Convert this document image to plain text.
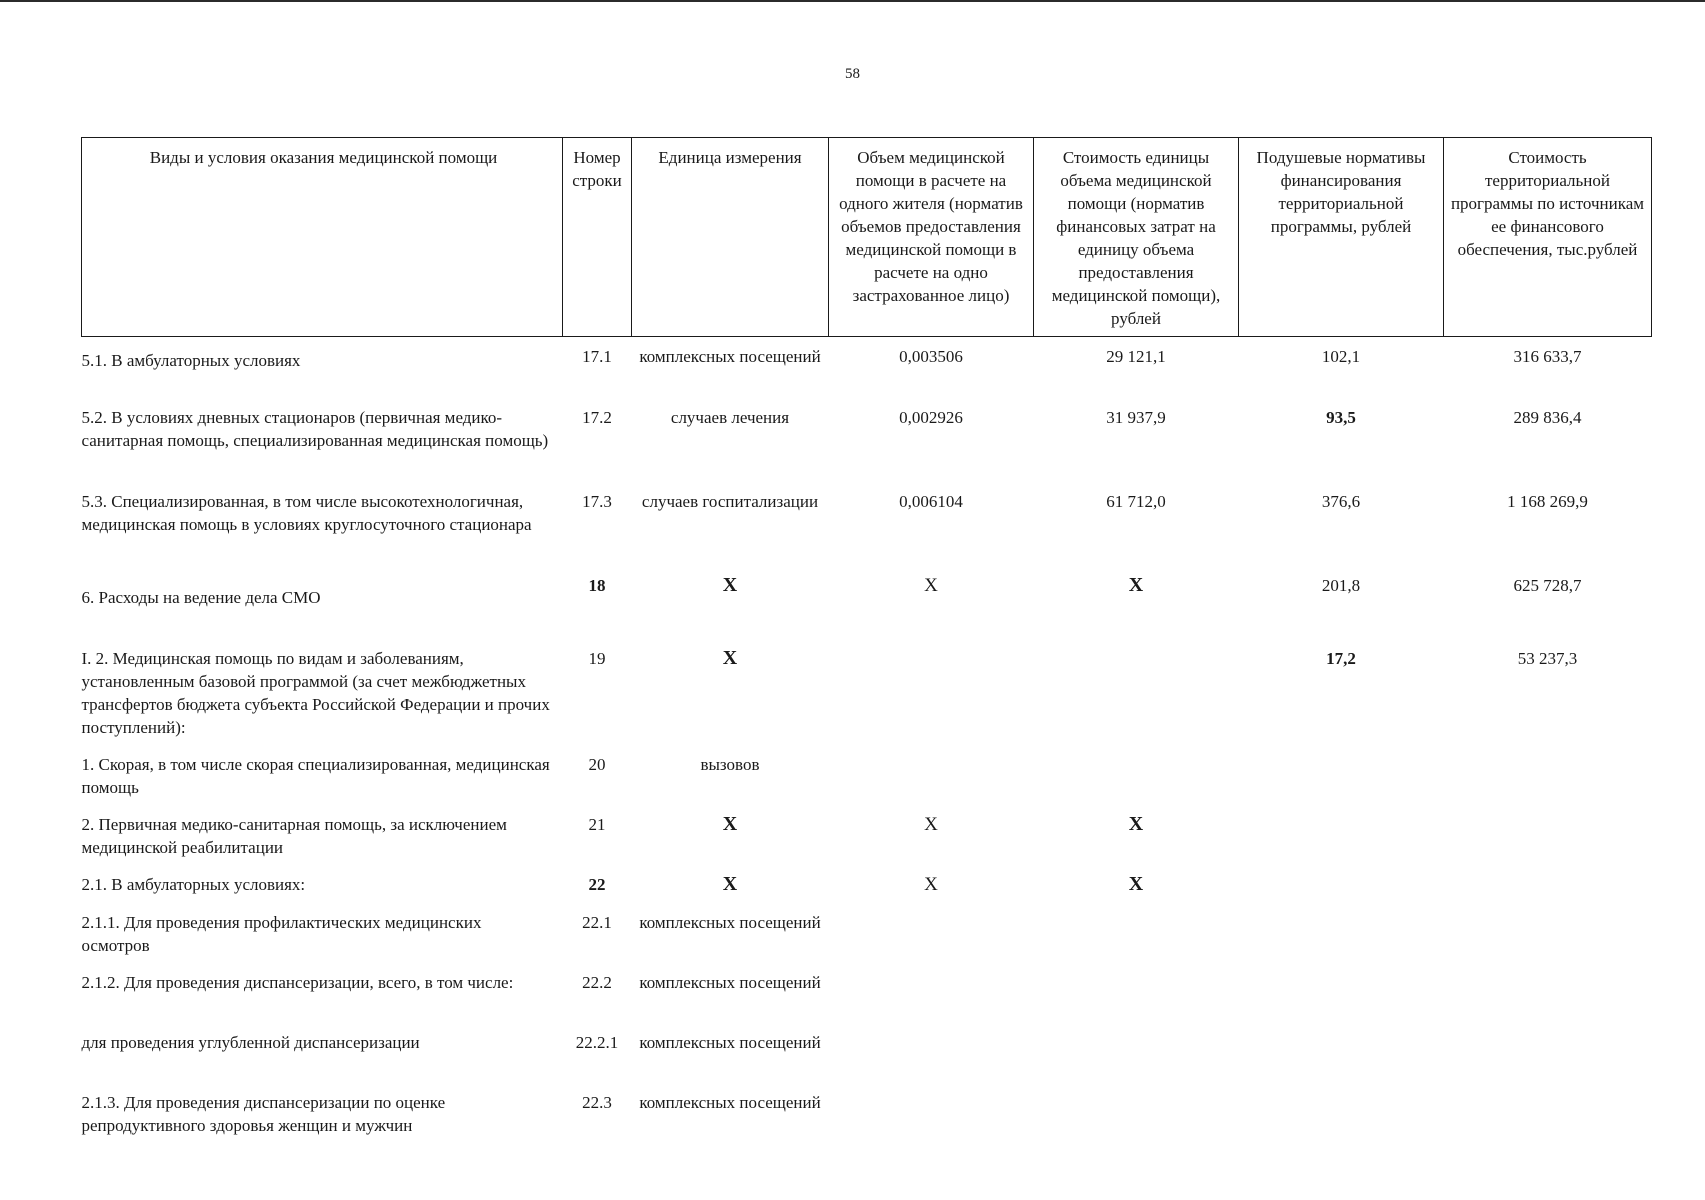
58
Виды и условия оказания медицинской помощи	Номер строки	Единица измерения	Объем медицинской помощи в расчете на одного жителя (норматив объемов предоставления медицинской помощи в расчете на одно застрахованное лицо)	Стоимость единицы объема медицинской помощи (норматив финансовых затрат на единицу объема предоставления медицинской помощи), рублей	Подушевые нормативы финансирования территориальной программы, рублей	Стоимость территориальной программы по источникам ее финансового обеспечения, тыс.рублей
5.1. В амбулаторных условиях	17.1	комплексных посещений	0,003506	29 121,1	102,1	316 633,7
5.2. В условиях дневных стационаров (первичная медико-санитарная помощь, специализированная медицинская помощь)	17.2	случаев лечения	0,002926	31 937,9	93,5	289 836,4
5.3. Специализированная, в том числе высокотехнологичная, медицинская помощь в условиях круглосуточного стационара	17.3	случаев госпитализации	0,006104	61 712,0	376,6	1 168 269,9
6. Расходы на ведение дела СМО	18	X	X	X	201,8	625 728,7
I. 2. Медицинская помощь по видам и заболеваниям, установленным базовой программой (за счет межбюджетных трансфертов бюджета субъекта Российской Федерации и прочих поступлений):	19	X			17,2	53 237,3
1. Скорая, в том числе скорая специализированная, медицинская помощь	20	вызовов				
2. Первичная медико-санитарная помощь, за исключением медицинской реабилитации	21	X	X	X		
2.1. В амбулаторных условиях:	22	X	X	X		
2.1.1. Для проведения профилактических медицинских осмотров	22.1	комплексных посещений				
2.1.2. Для проведения диспансеризации, всего, в том числе:	22.2	комплексных посещений				
для проведения углубленной диспансеризации	22.2.1	комплексных посещений				
2.1.3. Для проведения диспансеризации по оценке репродуктивного здоровья женщин и мужчин	22.3	комплексных посещений				
